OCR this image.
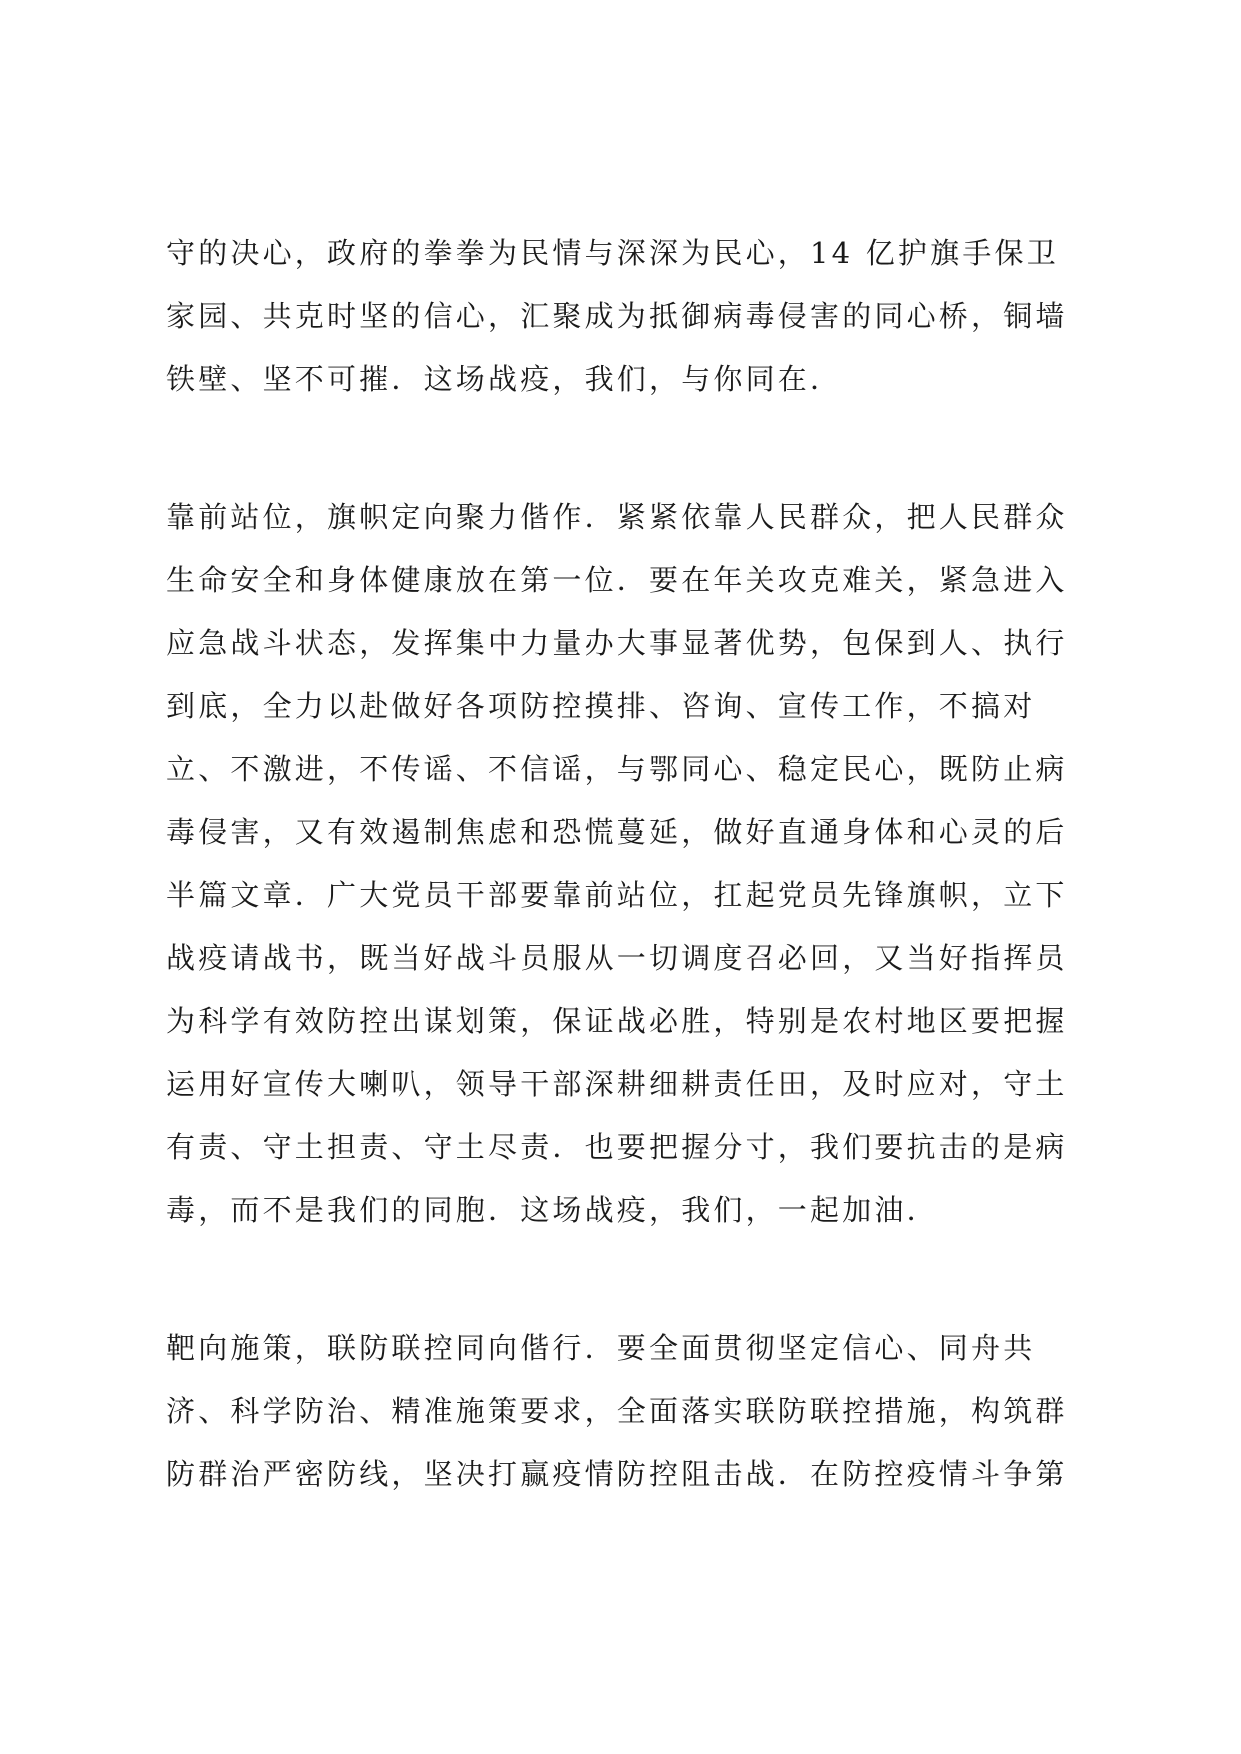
守的决心，政府的拳拳为民情与深深为民心，14 亿护旗手保卫
家园、共克时坚的信心，汇聚成为抵御病毒侵害的同心桥，铜墙
铁壁、坚不可摧．这场战疫，我们，与你同在．
靠前站位，旗帜定向聚力偕作．紧紧依靠人民群众，把人民群众
生命安全和身体健康放在第一位．要在年关攻克难关，紧急进入
应急战斗状态，发挥集中力量办大事显著优势，包保到人、执行
到底，全力以赴做好各项防控摸排、咨询、宣传工作，不搞对
立、不激进，不传谣、不信谣，与鄂同心、稳定民心，既防止病
毒侵害，又有效遏制焦虑和恐慌蔓延，做好直通身体和心灵的后
半篇文章．广大党员干部要靠前站位，扛起党员先锋旗帜，立下
战疫请战书，既当好战斗员服从一切调度召必回，又当好指挥员
为科学有效防控出谋划策，保证战必胜，特别是农村地区要把握
运用好宣传大喇叭，领导干部深耕细耕责任田，及时应对，守土
有责、守土担责、守土尽责．也要把握分寸，我们要抗击的是病
毒，而不是我们的同胞．这场战疫，我们，一起加油．
靶向施策，联防联控同向偕行．要全面贯彻坚定信心、同舟共
济、科学防治、精准施策要求，全面落实联防联控措施，构筑群
防群治严密防线，坚决打赢疫情防控阻击战．在防控疫情斗争第
